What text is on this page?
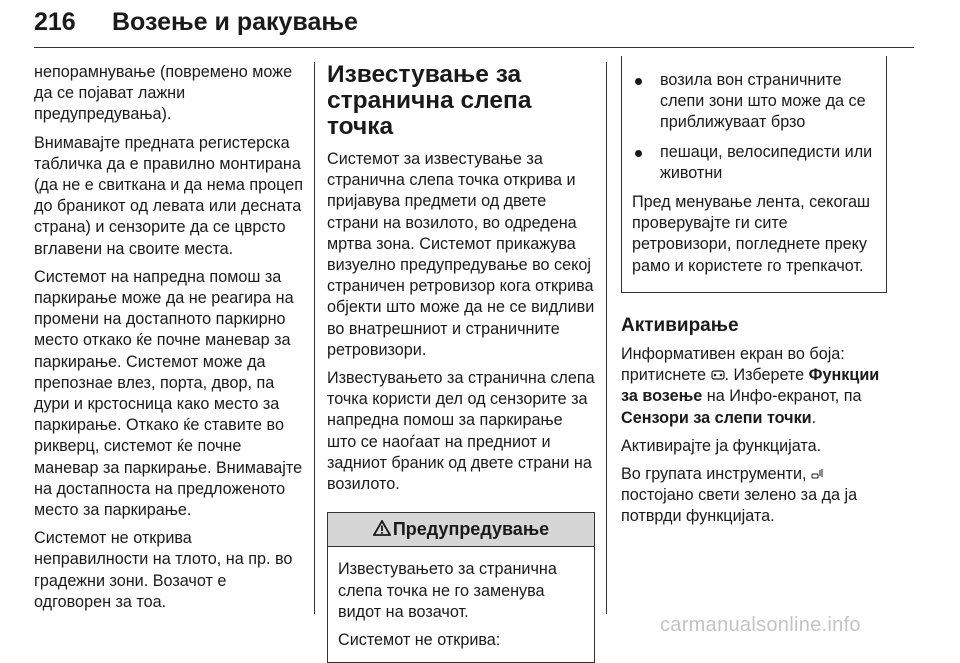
216 Возење и ракување

непорамнување (повремено може да се појават лажни предупредувања).

Внимавајте предната регистерска табличка да е правилно монтирана (да не е свиткана и да нема процеп до браникот од левата или десната страна) и сензорите да се цврсто вглавени на своите места.

Системот на напредна помош за паркирање може да не реагира на промени на достапното паркирно место откако ќе почне маневар за паркирање. Системот може да препознае влез, порта, двор, па дури и крстосница како место за паркирање. Откако ќе ставите во рикверц, системот ќе почне маневар за паркирање. Внимавајте на достапноста на предложеното место за паркирање.

Системот не открива неправилности на тлото, на пр. во градежни зони. Возачот е одговорен за тоа.

Известување за странична слепа точка

Системот за известување за странична слепа точка открива и пријавува предмети од двете страни на возилото, во одредена мртва зона. Системот прикажува визуелно предупредување во секој страничен ретровизор кога открива објекти што може да не се видливи во внатрешниот и страничните ретровизори.

Известувањето за странична слепа точка користи дел од сензорите за напредна помош за паркирање што се наоѓаат на предниот и задниот браник од двете страни на возилото.

Предупредување

Известувањето за странична слепа точка не го заменува видот на возачот.

Системот не открива:

возила вон страничните слепи зони што може да се приближуваат брзо
пешаци, велосипедисти или животни

Пред менување лента, секогаш проверувајте ги сите ретровизори, погледнете преку рамо и користете го трепкачот.

Активирање

Информативен екран во боја: притиснете . Изберете Функции за возење на Инфо-екранот, па Сензори за слепи точки.

Активирајте ја функцијата.

Во групата инструменти,
постојано свети зелено за да ја потврди функцијата.

carmanualsonline.info
